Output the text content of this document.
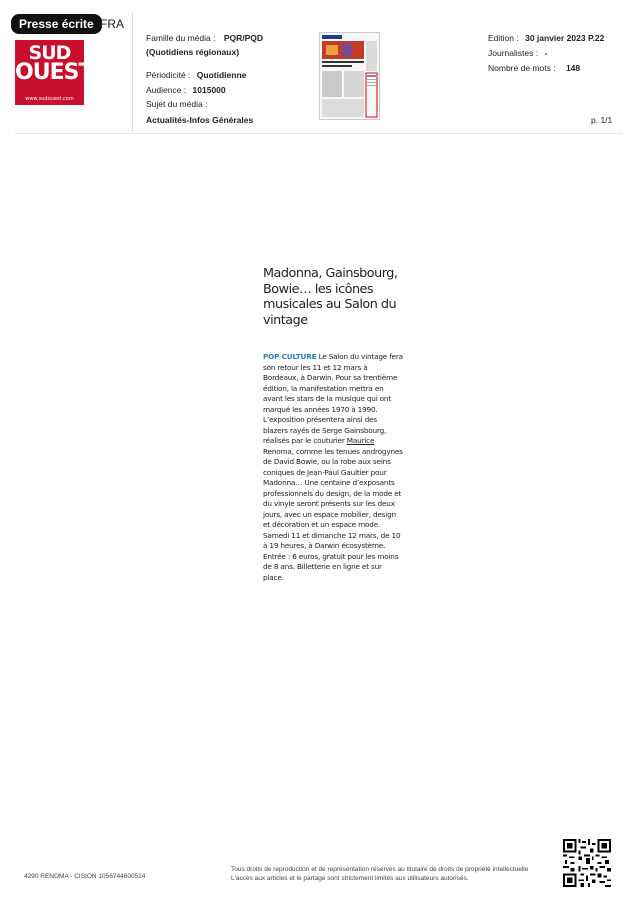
Presse écrite FRA
SUD
OUEST
www.sudouest.com
Famille du média : PQR/PQD
(Quotidiens régionaux)
Périodicité : Quotidienne
Audience : 1015000
Sujet du média :
Actualités-Infos Générales
Edition : 30 janvier 2023 P.22
Journalistes : -
Nombre de mots : 148
p. 1/1
Madonna, Gainsbourg, Bowie… les icônes musicales au Salon du vintage
POP CULTURE Le Salon du vintage fera son retour les 11 et 12 mars à Bordeaux, à Darwin. Pour sa trentième édition, la manifestation mettra en avant les stars de la musique qui ont marqué les années 1970 à 1990. L’exposition présentera ainsi des blazers rayés de Serge Gainsbourg, réalisés par le couturier Maurice Renoma, comme les tenues androgynes de David Bowie, ou la robe aux seins coniques de Jean-Paul Gaultier pour Madonna… Une centaine d’exposants professionnels du design, de la mode et du vinyle seront présents sur les deux jours, avec un espace mobilier, design et décoration et un espace mode. Samedi 11 et dimanche 12 mars, de 10 à 19 heures, à Darwin écosystème. Entrée : 6 euros, gratuit pour les moins de 8 ans. Billetterie en ligne et sur place.
4290 RENOMA - CISION 1056744600524
Tous droits de reproduction et de représentation réservés au titulaire de droits de propriété intellectuelle
L'accès aux articles et le partage sont strictement limités aux utilisateurs autorisés.
